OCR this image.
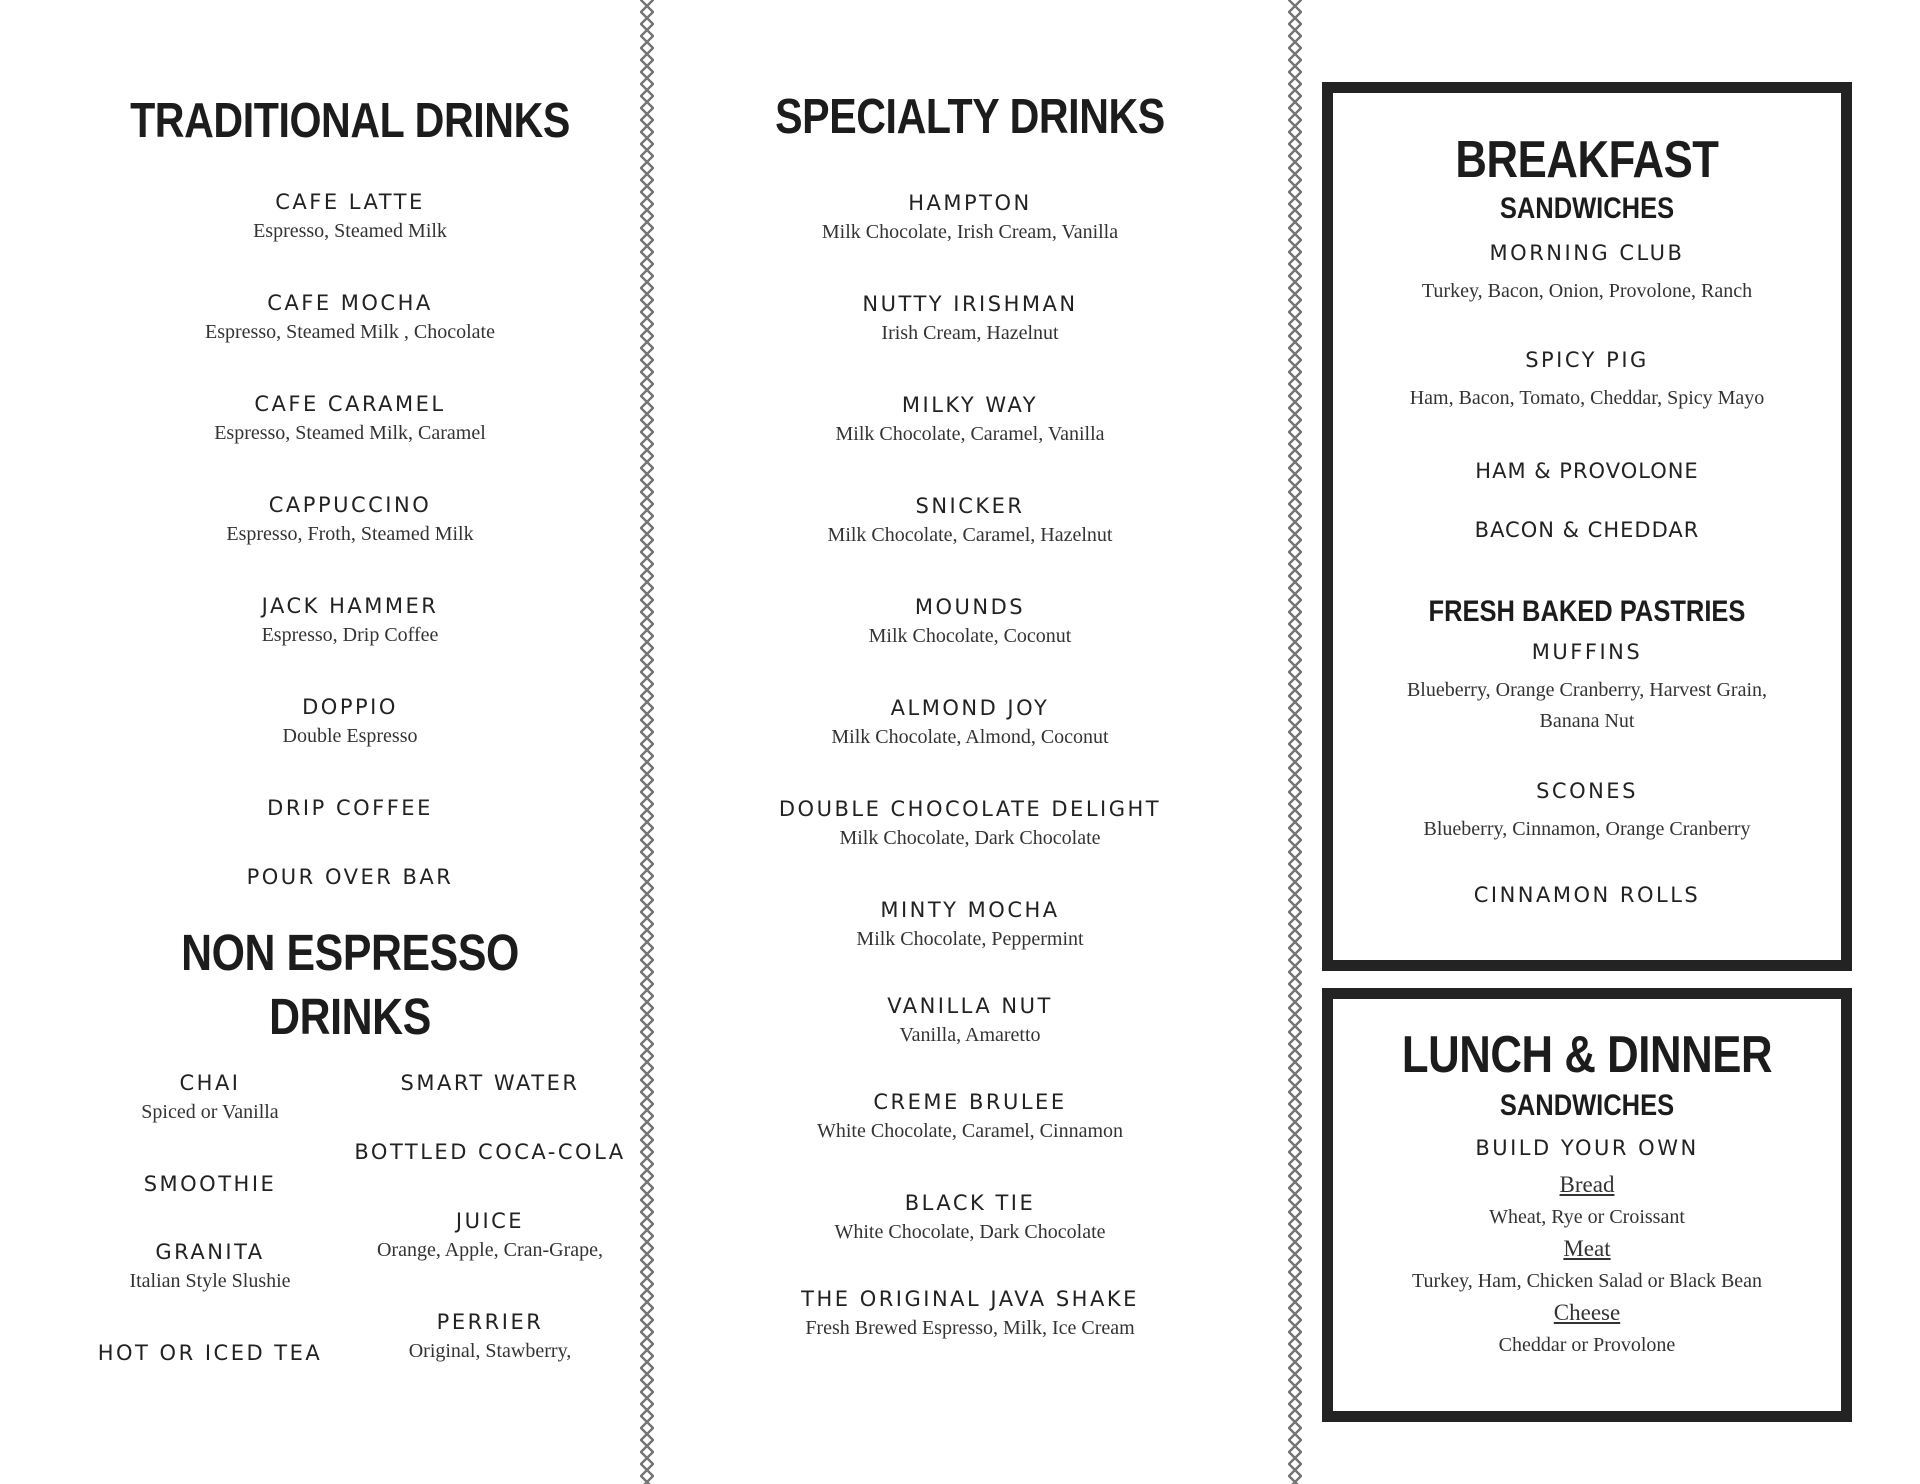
TRADITIONAL DRINKS
CAFE LATTE
Espresso, Steamed Milk
CAFE MOCHA
Espresso, Steamed Milk , Chocolate
CAFE CARAMEL
Espresso, Steamed Milk, Caramel
CAPPUCCINO
Espresso, Froth, Steamed Milk
JACK HAMMER
Espresso, Drip Coffee
DOPPIO
Double Espresso
DRIP COFFEE
POUR OVER BAR
NON ESPRESSO
DRINKS
CHAI
Spiced or Vanilla
SMOOTHIE
GRANITA
Italian Style Slushie
HOT OR ICED TEA
SMART WATER
BOTTLED COCA-COLA
JUICE
Orange, Apple, Cran-Grape,
PERRIER
Original, Stawberry,
SPECIALTY DRINKS
HAMPTON
Milk Chocolate, Irish Cream, Vanilla
NUTTY IRISHMAN
Irish Cream, Hazelnut
MILKY WAY
Milk Chocolate, Caramel, Vanilla
SNICKER
Milk Chocolate, Caramel, Hazelnut
MOUNDS
Milk Chocolate, Coconut
ALMOND JOY
Milk Chocolate, Almond, Coconut
DOUBLE CHOCOLATE DELIGHT
Milk Chocolate, Dark Chocolate
MINTY MOCHA
Milk Chocolate, Peppermint
VANILLA NUT
Vanilla, Amaretto
CREME BRULEE
White Chocolate, Caramel, Cinnamon
BLACK TIE
White Chocolate, Dark Chocolate
THE ORIGINAL JAVA SHAKE
Fresh Brewed Espresso, Milk, Ice Cream
BREAKFAST
SANDWICHES
MORNING CLUB
Turkey, Bacon, Onion, Provolone, Ranch
SPICY PIG
Ham, Bacon, Tomato, Cheddar, Spicy Mayo
HAM & PROVOLONE
BACON & CHEDDAR
FRESH BAKED PASTRIES
MUFFINS
Blueberry, Orange Cranberry, Harvest Grain,
Banana Nut
SCONES
Blueberry, Cinnamon, Orange Cranberry
CINNAMON ROLLS
LUNCH & DINNER
SANDWICHES
BUILD YOUR OWN
Bread
Wheat, Rye or Croissant
Meat
Turkey, Ham, Chicken Salad or Black Bean
Cheese
Cheddar or Provolone
